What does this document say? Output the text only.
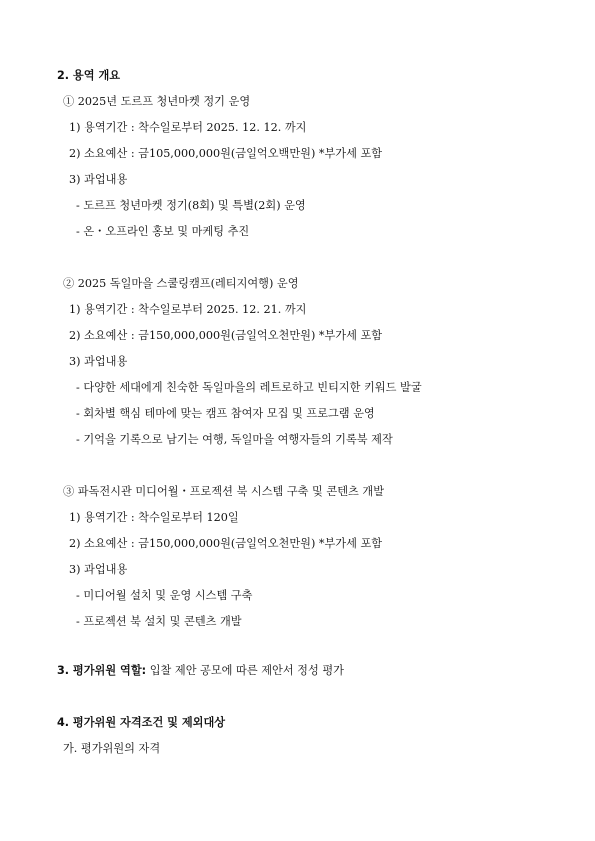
2. 용역 개요
① 2025년 도르프 청년마켓 정기 운영
1) 용역기간 : 착수일로부터 2025. 12. 12. 까지
2) 소요예산 : 금105,000,000원(금일억오백만원) *부가세 포함
3) 과업내용
- 도르프 청년마켓 정기(8회) 및 특별(2회) 운영
- 온・오프라인 홍보 및 마케팅 추진
② 2025 독일마을 스쿨링캠프(레티지여행) 운영
1) 용역기간 : 착수일로부터 2025. 12. 21. 까지
2) 소요예산 : 금150,000,000원(금일억오천만원) *부가세 포함
3) 과업내용
- 다양한 세대에게 친숙한 독일마을의 레트로하고 빈티지한 키워드 발굴
- 회차별 핵심 테마에 맞는 캠프 참여자 모집 및 프로그램 운영
- 기억을 기록으로 남기는 여행, 독일마을 여행자들의 기록북 제작
③ 파독전시관 미디어월・프로젝션 북 시스템 구축 및 콘텐츠 개발
1) 용역기간 : 착수일로부터 120일
2) 소요예산 : 금150,000,000원(금일억오천만원) *부가세 포함
3) 과업내용
- 미디어월 설치 및 운영 시스템 구축
- 프로젝션 북 설치 및 콘텐츠 개발
3. 평가위원 역할: 입찰 제안 공모에 따른 제안서 정성 평가
4. 평가위원 자격조건 및 제외대상
가. 평가위원의 자격
